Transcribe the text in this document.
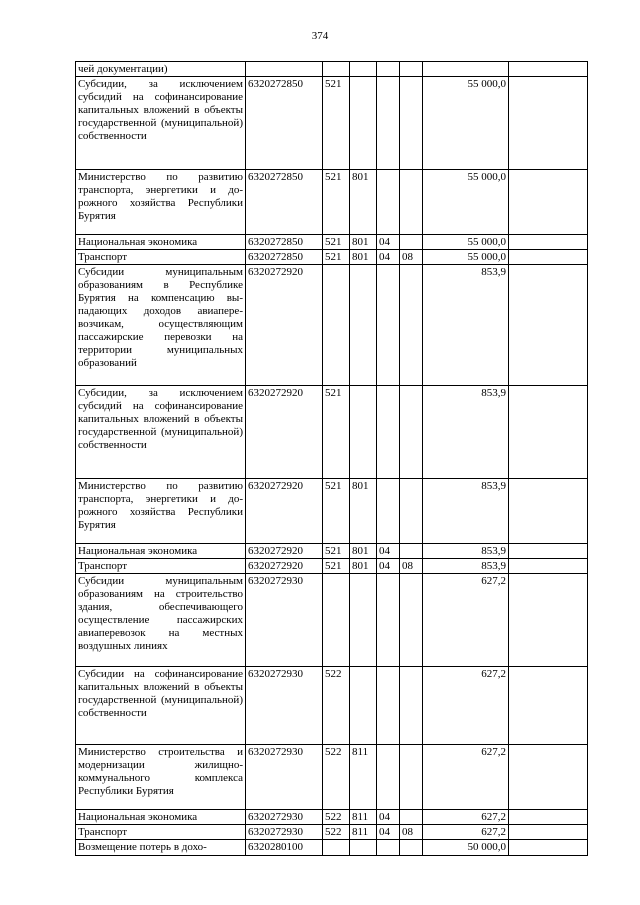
374
чей документации)							
Субсидии, за исключением субсидий на софинансирование капитальных вложений в объекты государственной (муниципальной) собственности	6320272850	521				55 000,0	
Министерство по развитию транспорта, энергетики и дорожного хозяйства Республики Бурятия	6320272850	521	801			55 000,0	
Национальная экономика	6320272850	521	801	04		55 000,0	
Транспорт	6320272850	521	801	04	08	55 000,0	
Субсидии муниципальным образованиям в Республике Бурятия на компенсацию выпадающих доходов авиаперевозчикам, осуществляющим пассажирские перевозки на территории муниципальных образований	6320272920					853,9	
Субсидии, за исключением субсидий на софинансирование капитальных вложений в объекты государственной (муниципальной) собственности	6320272920	521				853,9	
Министерство по развитию транспорта, энергетики и дорожного хозяйства Республики Бурятия	6320272920	521	801			853,9	
Национальная экономика	6320272920	521	801	04		853,9	
Транспорт	6320272920	521	801	04	08	853,9	
Субсидии муниципальным образованиям на строительство здания, обеспечивающего осуществление пассажирских авиаперевозок на местных воздушных линиях	6320272930					627,2	
Субсидии на софинансирование капитальных вложений в объекты государственной (муниципальной) собственности	6320272930	522				627,2	
Министерство строительства и модернизации жилищно-коммунального комплекса Республики Бурятия	6320272930	522	811			627,2	
Национальная экономика	6320272930	522	811	04		627,2	
Транспорт	6320272930	522	811	04	08	627,2	
Возмещение потерь в дохо-	6320280100					50 000,0	
